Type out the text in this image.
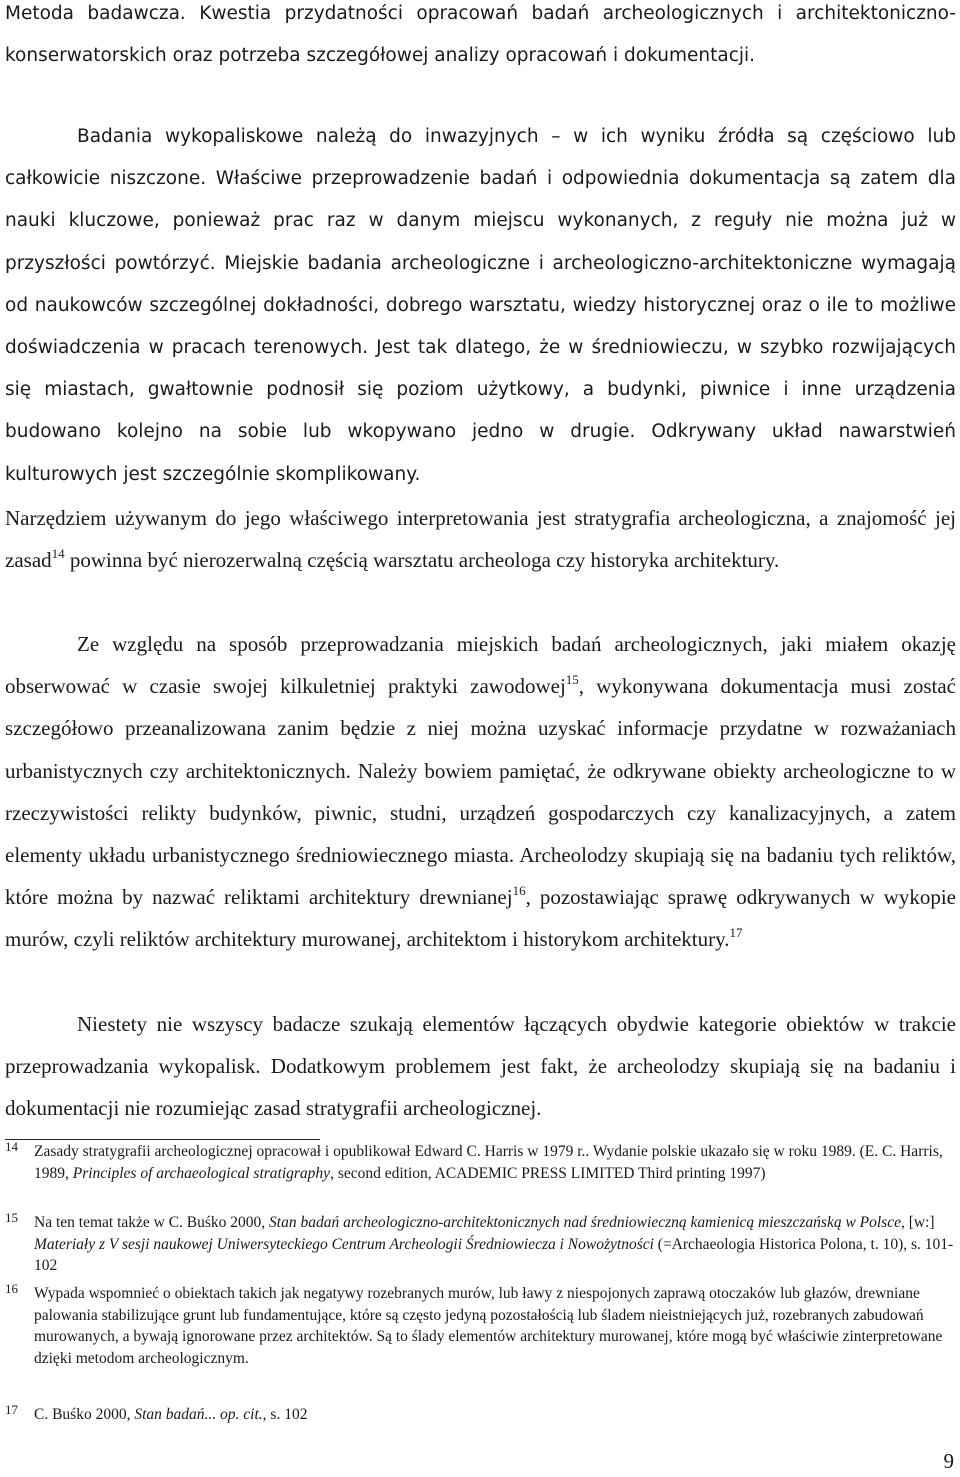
Metoda badawcza. Kwestia przydatności opracowań badań archeologicznych i architektoniczno-konserwatorskich oraz potrzeba szczegółowej analizy opracowań i dokumentacji.

Badania wykopaliskowe należą do inwazyjnych – w ich wyniku źródła są częściowo lub całkowicie niszczone. Właściwe przeprowadzenie badań i odpowiednia dokumentacja są zatem dla nauki kluczowe, ponieważ prac raz w danym miejscu wykonanych, z reguły nie można już w przyszłości powtórzyć. Miejskie badania archeologiczne i archeologiczno-architektoniczne wymagają od naukowców szczególnej dokładności, dobrego warsztatu, wiedzy historycznej oraz o ile to możliwe doświadczenia w pracach terenowych. Jest tak dlatego, że w średniowieczu, w szybko rozwijających się miastach, gwałtownie podnosił się poziom użytkowy, a budynki, piwnice i inne urządzenia budowano kolejno na sobie lub wkopywano jedno w drugie. Odkrywany układ nawarstwień kulturowych jest szczególnie skomplikowany.

Narzędziem używanym do jego właściwego interpretowania jest stratygrafia archeologiczna, a znajomość jej zasad$^{14}$ powinna być nierozerwalną częścią warsztatu archeologa czy historyka architektury.

Ze względu na sposób przeprowadzania miejskich badań archeologicznych, jaki miałem okazję obserwować w czasie swojej kilkuletniej praktyki zawodowej$^{15}$, wykonywana dokumentacja musi zostać szczegółowo przeanalizowana zanim będzie z niej można uzyskać informacje przydatne w rozważaniach urbanistycznych czy architektonicznych. Należy bowiem pamiętać, że odkrywane obiekty archeologiczne to w rzeczywistości relikty budynków, piwnic, studni, urządzeń gospodarczych czy kanalizacyjnych, a zatem elementy układu urbanistycznego średniowiecznego miasta. Archeolodzy skupiają się na badaniu tych reliktów, które można by nazwać reliktami architektury drewnianej$^{16}$, pozostawiając sprawę odkrywanych w wykopie murów, czyli reliktów architektury murowanej, architektom i historykom architektury.$^{17}$

Niestety nie wszyscy badacze szukają elementów łączących obydwie kategorie obiektów w trakcie przeprowadzania wykopalisk. Dodatkowym problemem jest fakt, że archeolodzy skupiają się na badaniu i dokumentacji nie rozumiejąc zasad stratygrafii archeologicznej.

14 Zasady stratygrafii archeologicznej opracował i opublikował Edward C. Harris w 1979 r.. Wydanie polskie ukazało się w roku 1989. (E. C. Harris, 1989, Principles of archaeological stratigraphy, second edition, ACADEMIC PRESS LIMITED Third printing 1997)
15 Na ten temat także w C. Buśko 2000, Stan badań archeologiczno-architektonicznych nad średniowieczną kamienicą mieszczańską w Polsce, [w:] Materiały z V sesji naukowej Uniwersyteckiego Centrum Archeologii Średniowiecza i Nowożytności (=Archaeologia Historica Polona, t. 10), s. 101-102
16 Wypada wspomnieć o obiektach takich jak negatywy rozebranych murów, lub ławy z niespojonych zaprawą otoczaków lub głazów, drewniane palowania stabilizujące grunt lub fundamentujące, które są często jedyną pozostałością lub śladem nieistniejących już, rozebranych zabudowań murowanych, a bywają ignorowane przez architektów. Są to ślady elementów architektury murowanej, które mogą być właściwie zinterpretowane dzięki metodom archeologicznym.
17 C. Buśko 2000, Stan badań... op. cit., s. 102
9
